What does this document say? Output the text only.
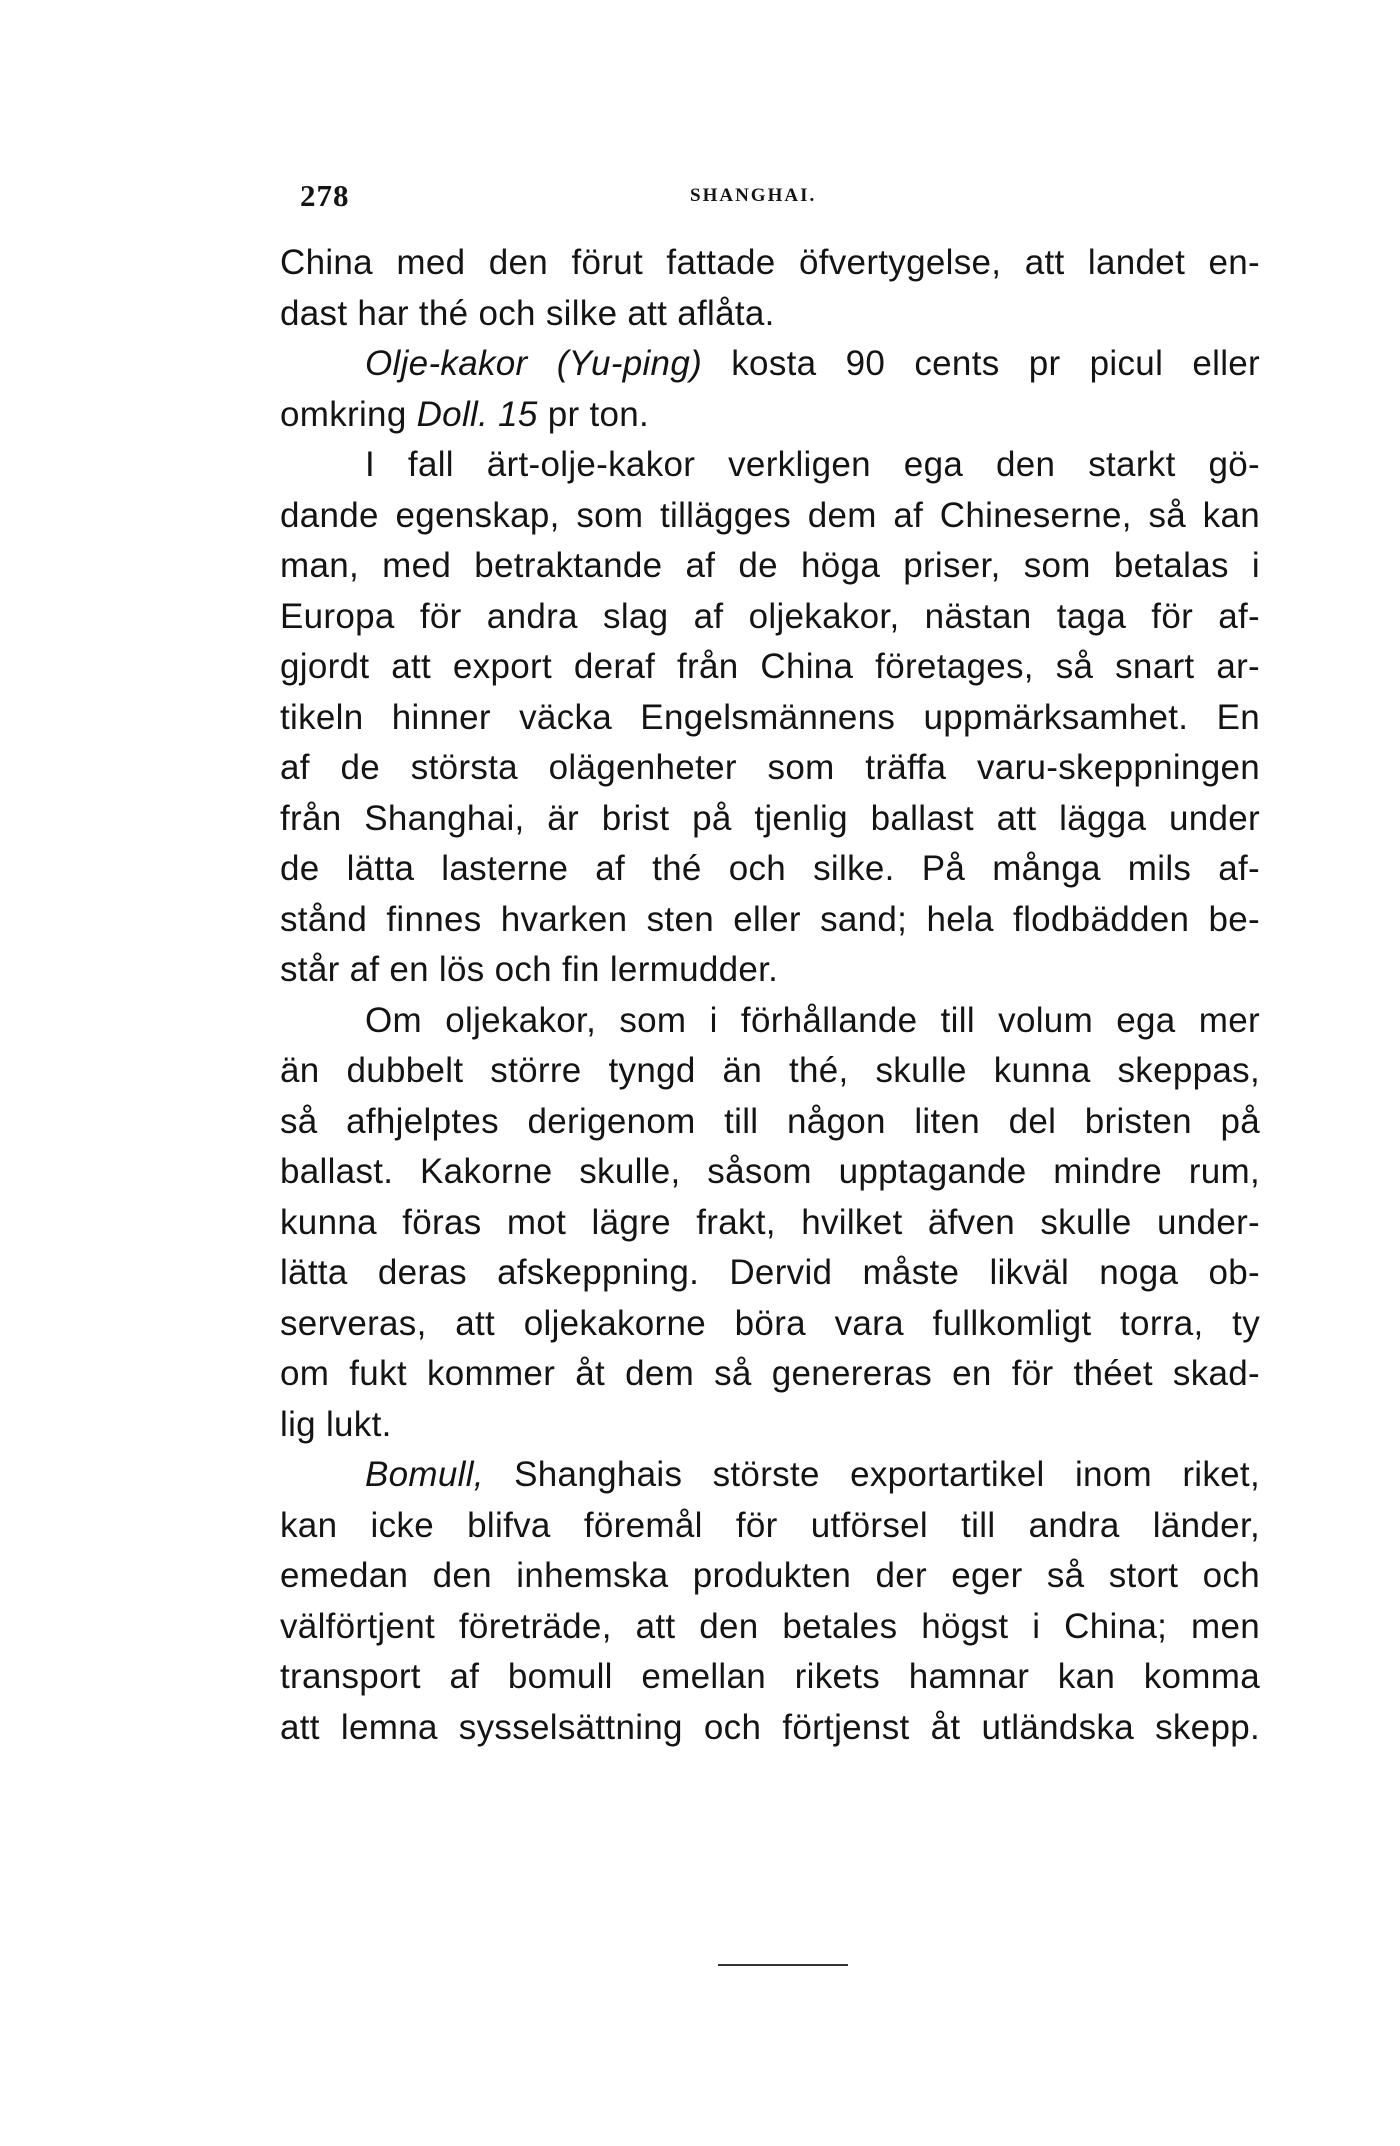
278	SHANGHAI.
China med den förut fattade öfvertygelse, att landet en-
dast har thé och silke att aflåta.
Olje-kakor (Yu-ping) kosta 90 cents pr picul eller
omkring Doll. 15 pr ton.
I fall ärt-olje-kakor verkligen ega den starkt gö-
dande egenskap, som tillägges dem af Chineserne, så kan
man, med betraktande af de höga priser, som betalas i
Europa för andra slag af oljekakor, nästan taga för af-
gjordt att export deraf från China företages, så snart ar-
tikeln hinner väcka Engelsmännens uppmärksamhet. En
af de största olägenheter som träffa varu-skeppningen
från Shanghai, är brist på tjenlig ballast att lägga under
de lätta lasterne af thé och silke. På många mils af-
stånd finnes hvarken sten eller sand; hela flodbädden be-
står af en lös och fin lermudder.
Om oljekakor, som i förhållande till volum ega mer
än dubbelt större tyngd än thé, skulle kunna skeppas,
så afhjelptes derigenom till någon liten del bristen på
ballast. Kakorne skulle, såsom upptagande mindre rum,
kunna föras mot lägre frakt, hvilket äfven skulle under-
lätta deras afskeppning. Dervid måste likväl noga ob-
serveras, att oljekakorne böra vara fullkomligt torra, ty
om fukt kommer åt dem så genereras en för théet skad-
lig lukt.
Bomull, Shanghais störste exportartikel inom riket,
kan icke blifva föremål för utförsel till andra länder,
emedan den inhemska produkten der eger så stort och
välförtjent företräde, att den betales högst i China; men
transport af bomull emellan rikets hamnar kan komma
att lemna sysselsättning och förtjenst åt utländska skepp.
